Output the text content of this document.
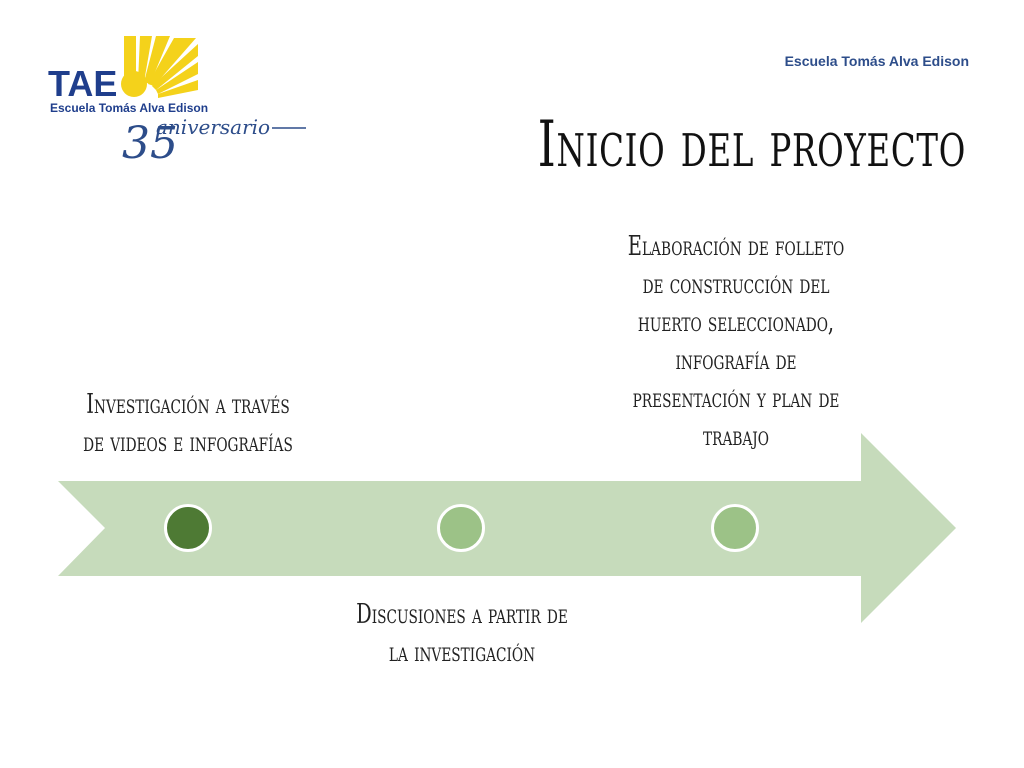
TAE
Escuela Tomás Alva Edison
35
aniversario
Escuela Tomás Alva Edison
Inicio del proyecto
Investigación a través
de videos e infografías
Discusiones a partir de
la investigación
Elaboración de folleto
de construcción del
huerto seleccionado,
infografía de
presentación y plan de
trabajo
